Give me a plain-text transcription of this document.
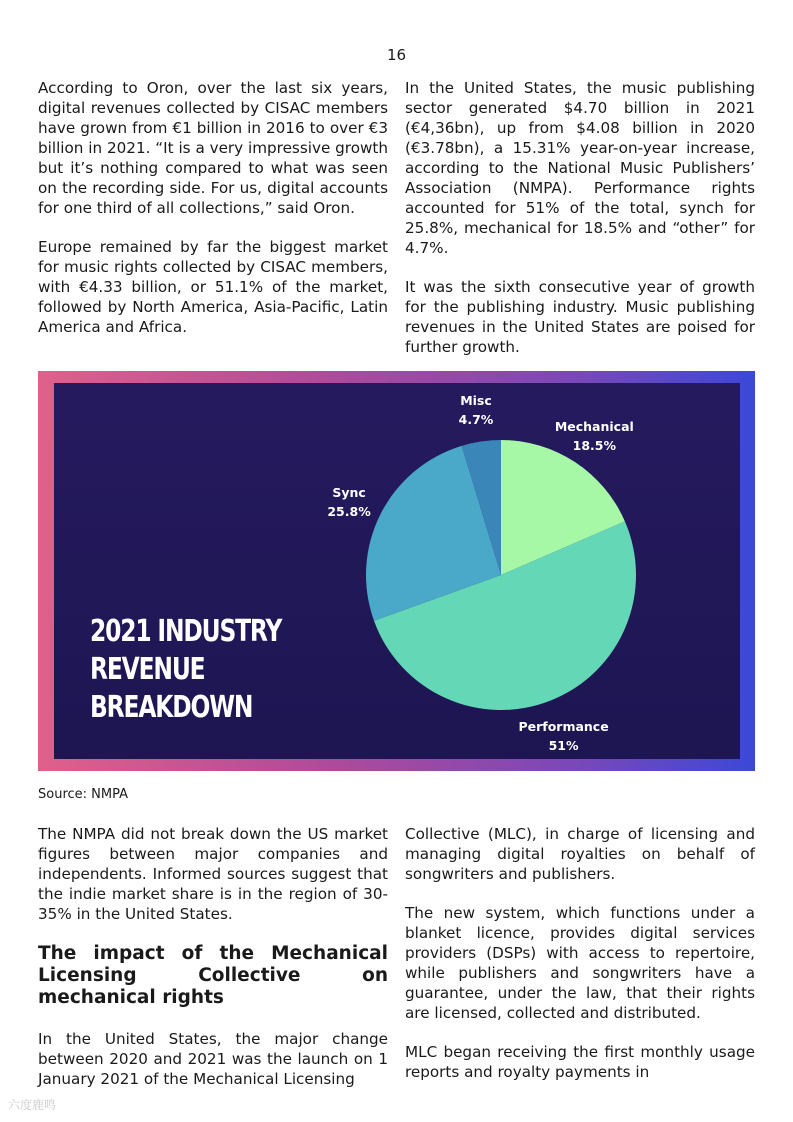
16

According to Oron, over the last six years, digital revenues collected by CISAC members have grown from €1 billion in 2016 to over €3 billion in 2021. “It is a very impressive growth but it’s nothing compared to what was seen on the recording side. For us, digital accounts for one third of all collections,” said Oron.

Europe remained by far the biggest market for music rights collected by CISAC members, with €4.33 billion, or 51.1% of the market, followed by North America, Asia-Pacific, Latin America and Africa.

In the United States, the music publishing sector generated $4.70 billion in 2021 (€4,36bn), up from $4.08 billion in 2020 (€3.78bn), a 15.31% year-on-year increase, according to the National Music Publishers’ Association (NMPA). Performance rights accounted for 51% of the total, synch for 25.8%, mechanical for 18.5% and “other” for 4.7%.

It was the sixth consecutive year of growth for the publishing industry. Music publishing revenues in the United States are poised for further growth.

2021 INDUSTRY
REVENUE BREAKDOWN
Mechanical
18.5%
Performance
51%
Sync
25.8%
Misc
4.7%
Source: NMPA

The NMPA did not break down the US market figures between major companies and independents. Informed sources suggest that the indie market share is in the region of 30-35% in the United States.

The impact of the Mechanical Licensing Collective on mechanical rights

In the United States, the major change between 2020 and 2021 was the launch on 1 January 2021 of the Mechanical Licensing

Collective (MLC), in charge of licensing and managing digital royalties on behalf of songwriters and publishers.

The new system, which functions under a blanket licence, provides digital services providers (DSPs) with access to repertoire, while publishers and songwriters have a guarantee, under the law, that their rights are licensed, collected and distributed.

MLC began receiving the first monthly usage reports and royalty payments in

六度鹿鸣
